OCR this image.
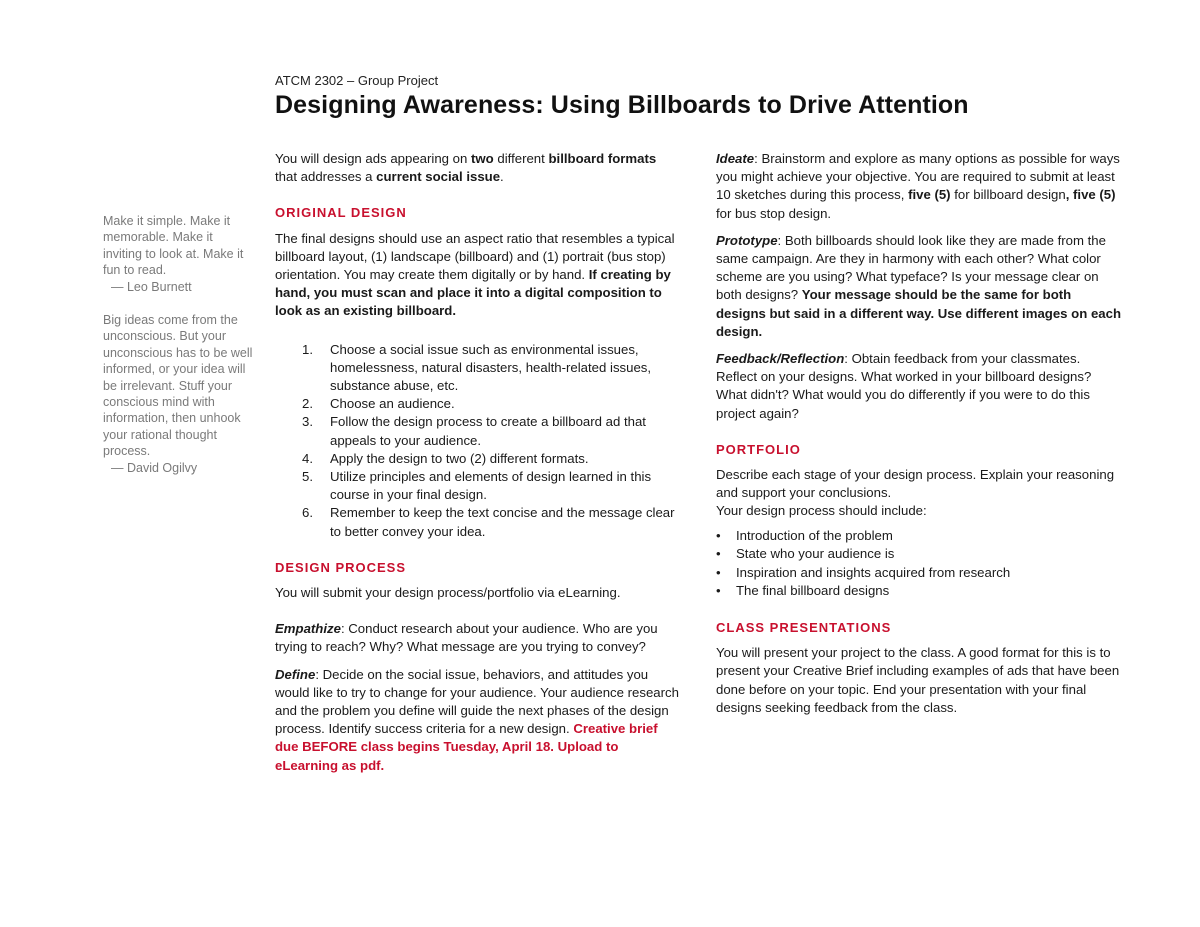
ATCM 2302 – Group Project
Designing Awareness: Using Billboards to Drive Attention
Make it simple. Make it memorable. Make it inviting to look at. Make it fun to read.
— Leo Burnett
Big ideas come from the unconscious. But your unconscious has to be well informed, or your idea will be irrelevant. Stuff your conscious mind with information, then unhook your rational thought process.
— David Ogilvy

You will design ads appearing on two different billboard formats that addresses a current social issue.

ORIGINAL DESIGN

The final designs should use an aspect ratio that resembles a typical billboard layout, (1) landscape (billboard) and (1) portrait (bus stop) orientation. You may create them digitally or by hand. If creating by hand, you must scan and place it into a digital composition to look as an existing billboard.

1. Choose a social issue such as environmental issues, homelessness, natural disasters, health-related issues, substance abuse, etc.
2. Choose an audience.
3. Follow the design process to create a billboard ad that appeals to your audience.
4. Apply the design to two (2) different formats.
5. Utilize principles and elements of design learned in this course in your final design.
6. Remember to keep the text concise and the message clear to better convey your idea.
DESIGN PROCESS

You will submit your design process/portfolio via eLearning.

Empathize: Conduct research about your audience. Who are you trying to reach? Why? What message are you trying to convey?

Define: Decide on the social issue, behaviors, and attitudes you would like to try to change for your audience. Your audience research and the problem you define will guide the next phases of the design process. Identify success criteria for a new design. Creative brief due BEFORE class begins Tuesday, April 18. Upload to eLearning as pdf.

Ideate: Brainstorm and explore as many options as possible for ways you might achieve your objective. You are required to submit at least 10 sketches during this process, five (5) for billboard design, five (5) for bus stop design.

Prototype: Both billboards should look like they are made from the same campaign. Are they in harmony with each other? What color scheme are you using? What typeface? Is your message clear on both designs? Your message should be the same for both designs but said in a different way. Use different images on each design.

Feedback/Reflection: Obtain feedback from your classmates. Reflect on your designs. What worked in your billboard designs? What didn't? What would you do differently if you were to do this project again?

PORTFOLIO

Describe each stage of your design process. Explain your reasoning and support your conclusions.
Your design process should include:

• Introduction of the problem
• State who your audience is
• Inspiration and insights acquired from research
• The final billboard designs
CLASS PRESENTATIONS

You will present your project to the class. A good format for this is to present your Creative Brief including examples of ads that have been done before on your topic. End your presentation with your final designs seeking feedback from the class.
